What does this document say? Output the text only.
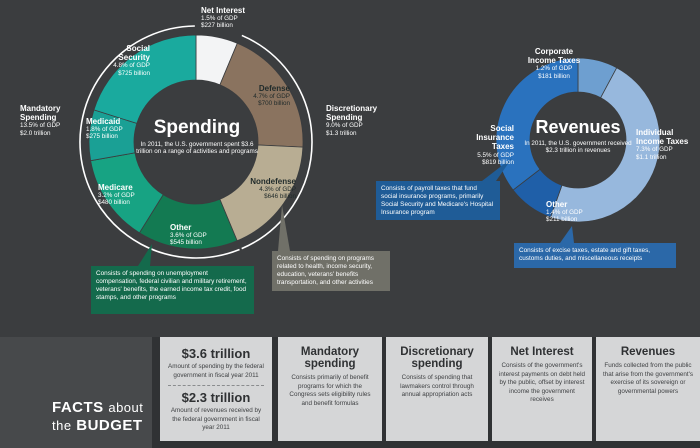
Spending
In 2011, the U.S. government spent $3.6 trillion on a range of activities and programs
Net Interest
1.5% of GDP
$227 billion
Defense
4.7% of GDP
$700 billion
Nondefense
4.3% of GDP
$646 billion
Other
3.6% of GDP
$545 billion
Medicare
3.2% of GDP
$480 billion
Medicaid
1.8% of GDP
$275 billion
Social
Security
4.8% of GDP
$725 billion
Mandatory
Spending
13.5% of GDP
$2.0 trillion
Discretionary
Spending
9.0% of GDP
$1.3 trillion	Revenues
In 2011, the U.S. government received $2.3 trillion in revenues
Corporate
Income Taxes
1.2% of GDP
$181 billion
Individual
Income Taxes
7.3% of GDP
$1.1 trillion
Social
Insurance Taxes
5.5% of GDP
$819 billion
Other
1.4% of GDP
$211 billion
Consists of spending on unemployment compensation, federal civilian and military retirement, veterans' benefits, the earned income tax credit, food stamps, and other programs
Consists of spending on programs related to health, income security, education, veterans' benefits transportation, and other activities
Consists of payroll taxes that fund social insurance programs, primarily Social Security and Medicare's Hospital Insurance program
Consists of excise taxes, estate and gift taxes, customs duties, and miscellaneous receipts
FACTS about
the BUDGET
$3.6 trillion
Amount of spending by the federal government in fiscal year 2011
$2.3 trillion
Amount of revenues received by the federal government in fiscal year 2011
Mandatory spending
Consists primarily of benefit programs for which the Congress sets eligibility rules and benefit formulas
Discretionary spending
Consists of spending that lawmakers control through annual appropriation acts
Net Interest
Consists of the government's interest payments on debt held by the public, offset by interest income the government receives
Revenues
Funds collected from the public that arise from the government's exercise of its sovereign or governmental powers
